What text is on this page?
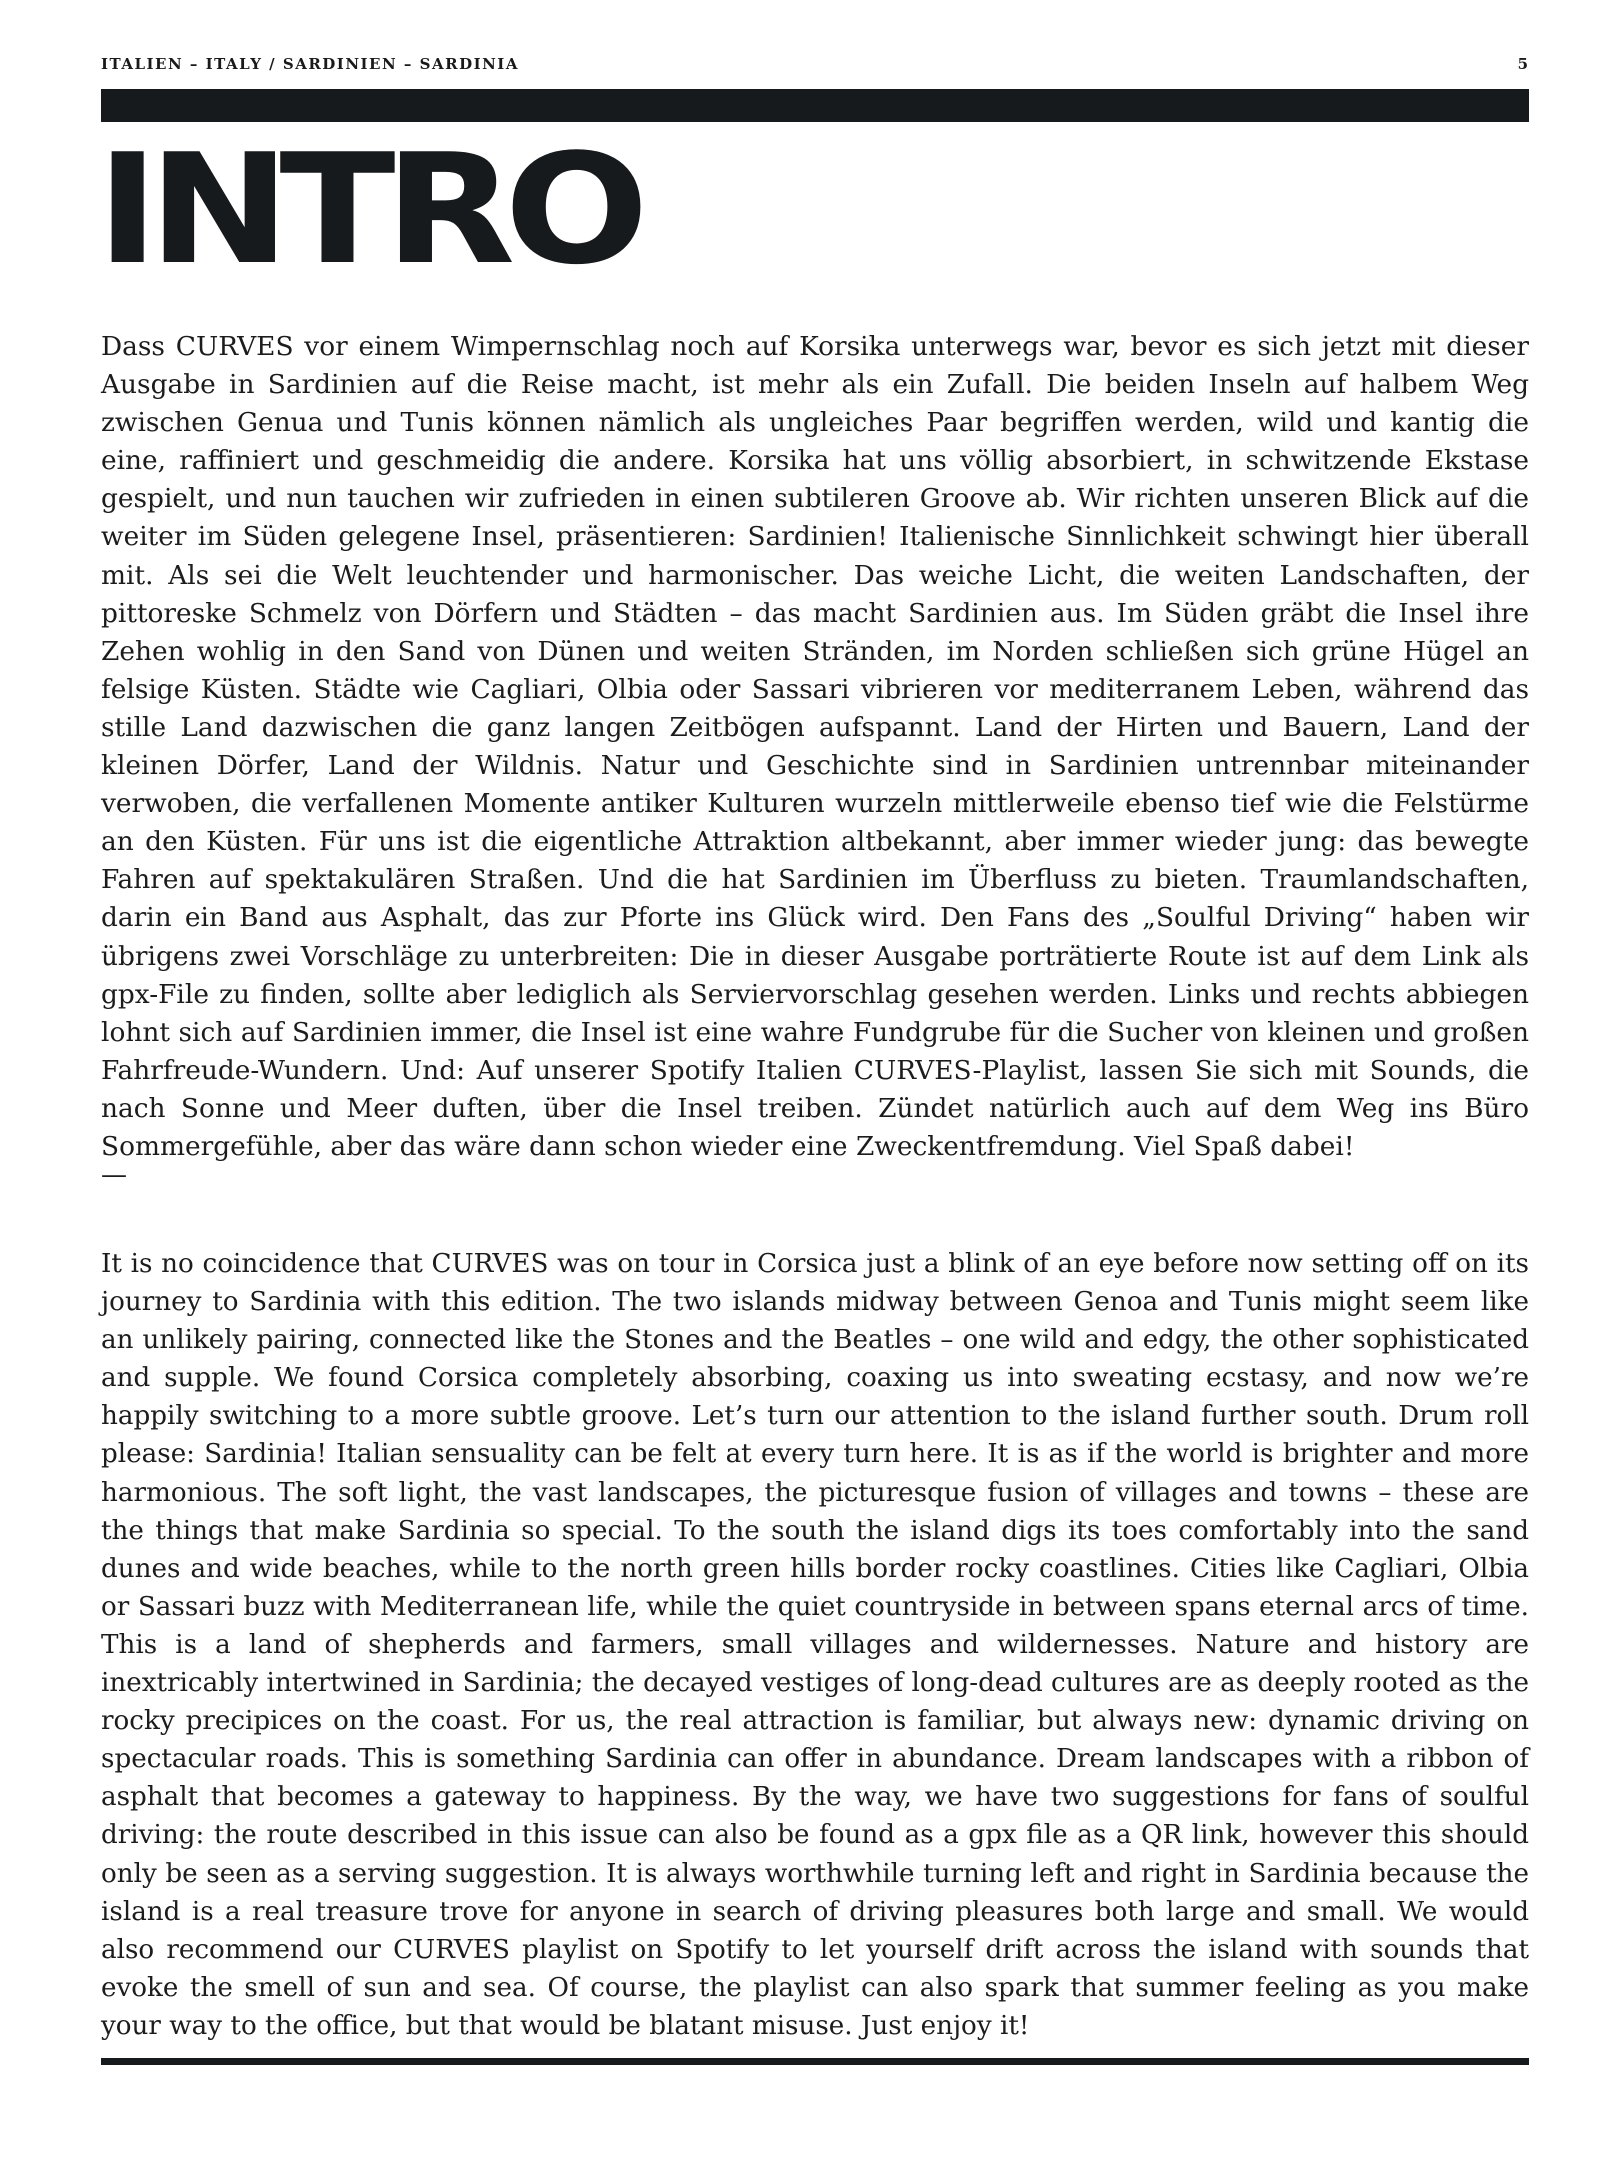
ITALIEN – ITALY / SARDINIEN – SARDINIA	5
INTRO

Dass CURVES vor einem Wimpernschlag noch auf Korsika unterwegs war, bevor es sich jetzt mit dieser Ausgabe in Sardinien auf die Reise macht, ist mehr als ein Zufall. Die beiden Inseln auf halbem Weg zwischen Genua und Tunis können nämlich als ungleiches Paar begriffen werden, wild und kantig die eine, raffiniert und geschmeidig die andere. Korsika hat uns völlig absorbiert, in schwitzende Ekstase gespielt, und nun tauchen wir zufrieden in einen subtileren Groove ab. Wir richten unseren Blick auf die weiter im Süden gelegene Insel, präsentieren: Sardinien! Italienische Sinnlichkeit schwingt hier überall mit. Als sei die Welt leuchtender und harmonischer. Das weiche Licht, die weiten Landschaften, der pittoreske Schmelz von Dörfern und Städten – das macht Sardinien aus. Im Süden gräbt die Insel ihre Zehen wohlig in den Sand von Dünen und weiten Stränden, im Norden schließen sich grüne Hügel an felsige Küsten. Städte wie Cagliari, Olbia oder Sassari vibrieren vor mediterranem Leben, während das stille Land dazwischen die ganz langen Zeitbögen aufspannt. Land der Hirten und Bauern, Land der kleinen Dörfer, Land der Wildnis. Natur und Geschichte sind in Sardinien untrennbar miteinander verwoben, die verfallenen Momente antiker Kulturen wurzeln mittlerweile ebenso tief wie die Felstürme an den Küsten. Für uns ist die eigentliche Attraktion altbekannt, aber immer wieder jung: das bewegte Fahren auf spektakulären Straßen. Und die hat Sardinien im Überfluss zu bieten. Traumlandschaften, darin ein Band aus Asphalt, das zur Pforte ins Glück wird. Den Fans des „Soulful Driving“ haben wir übrigens zwei Vorschläge zu unterbreiten: Die in dieser Ausgabe porträtierte Route ist auf dem Link als gpx-File zu finden, sollte aber lediglich als Serviervorschlag gesehen werden. Links und rechts abbiegen lohnt sich auf Sardinien immer, die Insel ist eine wahre Fundgrube für die Sucher von kleinen und großen Fahrfreude-Wundern. Und: Auf unserer Spotify Italien CURVES-Playlist, lassen Sie sich mit Sounds, die nach Sonne und Meer duften, über die Insel treiben. Zündet natürlich auch auf dem Weg ins Büro Sommergefühle, aber das wäre dann schon wieder eine Zweckentfremdung. Viel Spaß dabei!

—

It is no coincidence that CURVES was on tour in Corsica just a blink of an eye before now setting off on its journey to Sardinia with this edition. The two islands midway between Genoa and Tunis might seem like an unlikely pairing, connected like the Stones and the Beatles – one wild and edgy, the other sophisticated and supple. We found Corsica completely absorbing, coaxing us into sweating ecstasy, and now we’re happily switching to a more subtle groove. Let’s turn our attention to the island further south. Drum roll please: Sardinia! Italian sensuality can be felt at every turn here. It is as if the world is brighter and more harmonious. The soft light, the vast landscapes, the picturesque fusion of villages and towns – these are the things that make Sardinia so special. To the south the island digs its toes comfortably into the sand dunes and wide beaches, while to the north green hills border rocky coastlines. Cities like Cagliari, Olbia or Sassari buzz with Mediterranean life, while the quiet countryside in between spans eternal arcs of time. This is a land of shepherds and farmers, small villages and wildernesses. Nature and history are inextricably intertwined in Sardinia; the decayed vestiges of long-dead cultures are as deeply rooted as the rocky precipices on the coast. For us, the real attraction is familiar, but always new: dynamic driving on spectacular roads. This is something Sardinia can offer in abundance. Dream landscapes with a ribbon of asphalt that becomes a gateway to happiness. By the way, we have two suggestions for fans of soulful driving: the route described in this issue can also be found as a gpx file as a QR link, however this should only be seen as a serving suggestion. It is always worthwhile turning left and right in Sardinia because the island is a real treasure trove for anyone in search of driving pleasures both large and small. We would also recommend our CURVES playlist on Spotify to let yourself drift across the island with sounds that evoke the smell of sun and sea. Of course, the playlist can also spark that summer feeling as you make your way to the office, but that would be blatant misuse. Just enjoy it!
